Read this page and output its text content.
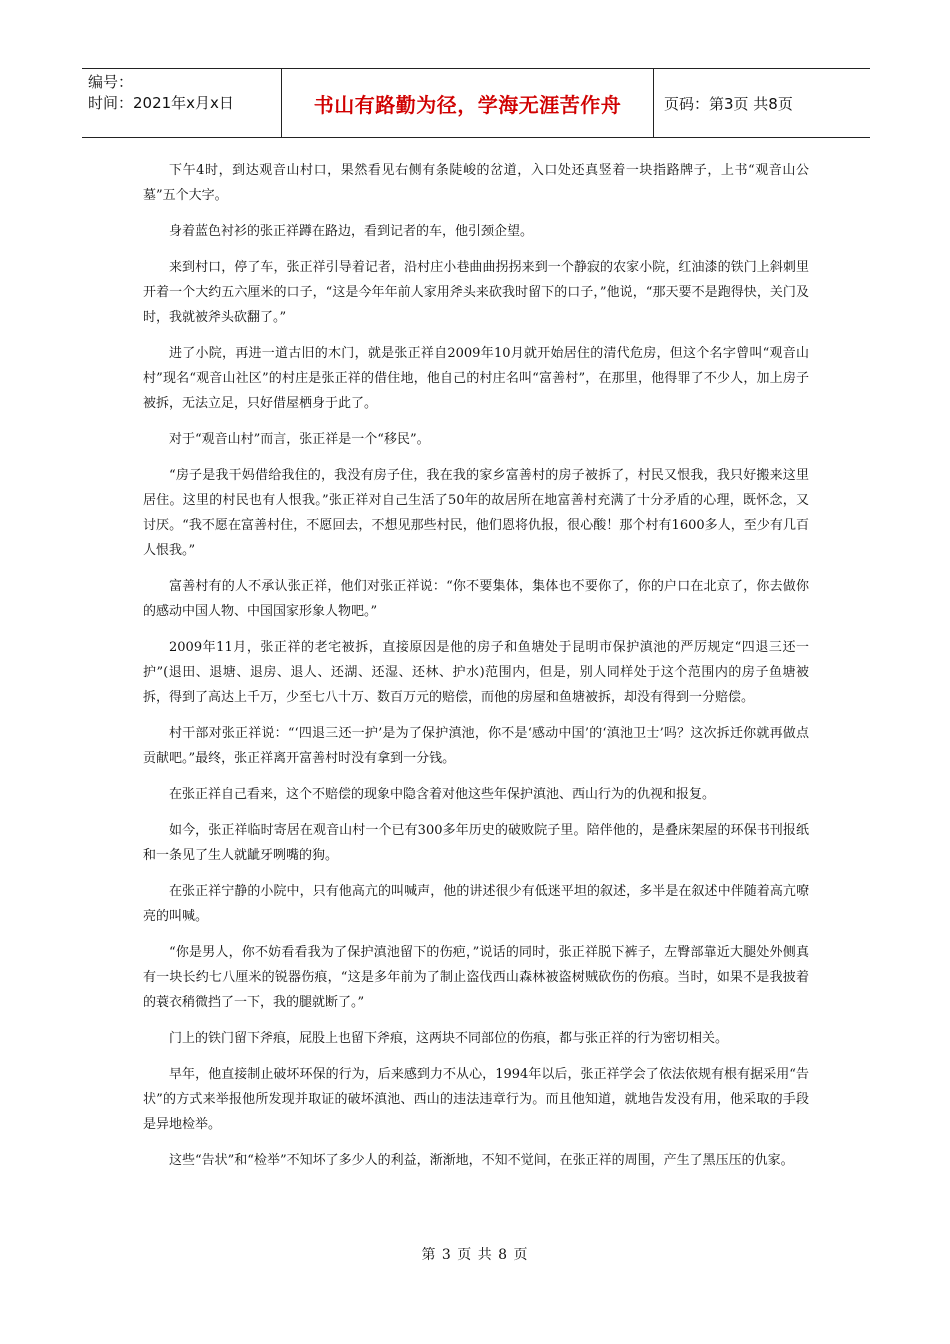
编号：
时间：2021年x月x日	书山有路勤为径，学海无涯苦作舟	页码：第3页 共8页

下午4时，到达观音山村口，果然看见右侧有条陡峻的岔道，入口处还真竖着一块指路牌子，上书“观音山公墓”五个大字。

身着蓝色衬衫的张正祥蹲在路边，看到记者的车，他引颈企望。

来到村口，停了车，张正祥引导着记者，沿村庄小巷曲曲拐拐来到一个静寂的农家小院，红油漆的铁门上斜刺里开着一个大约五六厘米的口子，“这是今年年前人家用斧头来砍我时留下的口子，”他说，“那天要不是跑得快，关门及时，我就被斧头砍翻了。”

进了小院，再进一道古旧的木门，就是张正祥自2009年10月就开始居住的清代危房，但这个名字曾叫“观音山村”现名“观音山社区”的村庄是张正祥的借住地，他自己的村庄名叫“富善村”，在那里，他得罪了不少人，加上房子被拆，无法立足，只好借屋栖身于此了。

对于“观音山村”而言，张正祥是一个“移民”。

“房子是我干妈借给我住的，我没有房子住，我在我的家乡富善村的房子被拆了，村民又恨我，我只好搬来这里居住。这里的村民也有人恨我。”张正祥对自己生活了50年的故居所在地富善村充满了十分矛盾的心理，既怀念，又讨厌。“我不愿在富善村住，不愿回去，不想见那些村民，他们恩将仇报，很心酸！那个村有1600多人，至少有几百人恨我。”

富善村有的人不承认张正祥，他们对张正祥说：“你不要集体，集体也不要你了，你的户口在北京了，你去做你的感动中国人物、中国国家形象人物吧。”

2009年11月，张正祥的老宅被拆，直接原因是他的房子和鱼塘处于昆明市保护滇池的严厉规定“四退三还一护”(退田、退塘、退房、退人、还湖、还湿、还林、护水)范围内，但是，别人同样处于这个范围内的房子鱼塘被拆，得到了高达上千万，少至七八十万、数百万元的赔偿，而他的房屋和鱼塘被拆，却没有得到一分赔偿。

村干部对张正祥说：“‘四退三还一护’是为了保护滇池，你不是‘感动中国’的‘滇池卫士’吗？这次拆迁你就再做点贡献吧。”最终，张正祥离开富善村时没有拿到一分钱。

在张正祥自己看来，这个不赔偿的现象中隐含着对他这些年保护滇池、西山行为的仇视和报复。

如今，张正祥临时寄居在观音山村一个已有300多年历史的破败院子里。陪伴他的，是叠床架屋的环保书刊报纸和一条见了生人就龇牙咧嘴的狗。

在张正祥宁静的小院中，只有他高亢的叫喊声，他的讲述很少有低迷平坦的叙述，多半是在叙述中伴随着高亢嘹亮的叫喊。

“你是男人，你不妨看看我为了保护滇池留下的伤疤，”说话的同时，张正祥脱下裤子，左臀部靠近大腿处外侧真有一块长约七八厘米的锐器伤痕，“这是多年前为了制止盗伐西山森林被盗树贼砍伤的伤痕。当时，如果不是我披着的蓑衣稍微挡了一下，我的腿就断了。”

门上的铁门留下斧痕，屁股上也留下斧痕，这两块不同部位的伤痕，都与张正祥的行为密切相关。

早年，他直接制止破坏环保的行为，后来感到力不从心，1994年以后，张正祥学会了依法依规有根有据采用“告状”的方式来举报他所发现并取证的破坏滇池、西山的违法违章行为。而且他知道，就地告发没有用，他采取的手段是异地检举。

这些“告状”和“检举”不知坏了多少人的利益，渐渐地，不知不觉间，在张正祥的周围，产生了黑压压的仇家。

第 3 页 共 8 页
